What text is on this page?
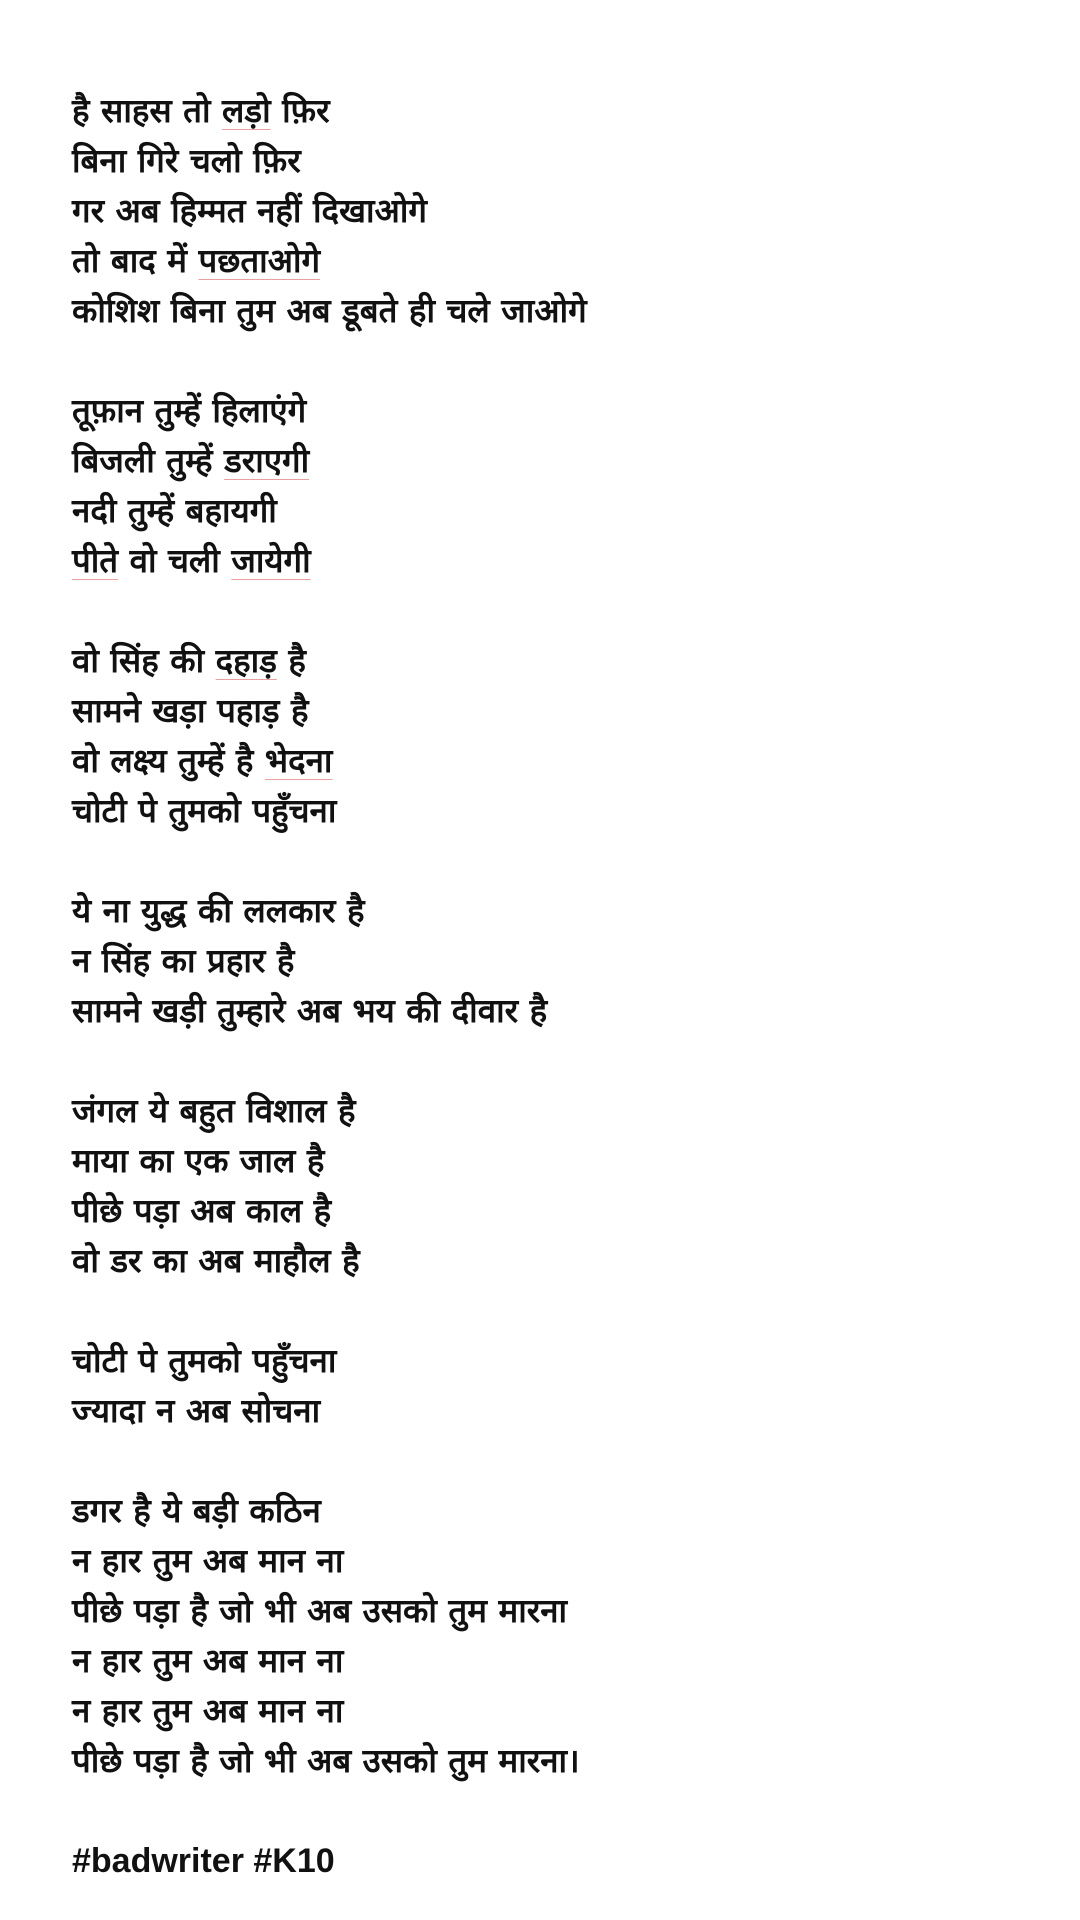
है साहस तो लड़ो फ़िर
बिना गिरे चलो फ़िर
गर अब हिम्मत नहीं दिखाओगे
तो बाद में पछताओगे
कोशिश बिना तुम अब डूबते ही चले जाओगे
तूफ़ान तुम्हें हिलाएंगे
बिजली तुम्हें डराएगी
नदी तुम्हें बहायगी
पीते वो चली जायेगी
वो सिंह की दहाड़ है
सामने खड़ा पहाड़ है
वो लक्ष्य तुम्हें है भेदना
चोटी पे तुमको पहुँचना
ये ना युद्ध की ललकार है
न सिंह का प्रहार है
सामने खड़ी तुम्हारे अब भय की दीवार है
जंगल ये बहुत विशाल है
माया का एक जाल है
पीछे पड़ा अब काल है
वो डर का अब माहौल है
चोटी पे तुमको पहुँचना
ज्यादा न अब सोचना
डगर है ये बड़ी कठिन
न हार तुम अब मान ना
पीछे पड़ा है जो भी अब उसको तुम मारना
न हार तुम अब मान ना
न हार तुम अब मान ना
पीछे पड़ा है जो भी अब उसको तुम मारना।
#badwriter #K10
